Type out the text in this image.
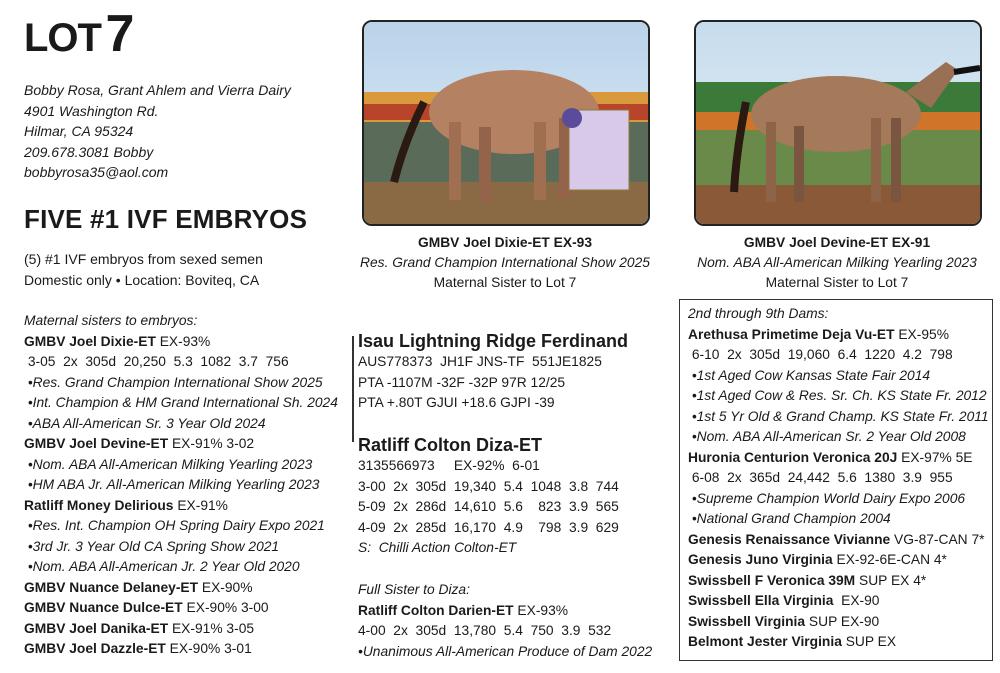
LOT 7
Bobby Rosa, Grant Ahlem and Vierra Dairy
4901 Washington Rd.
Hilmar, CA 95324
209.678.3081 Bobby
bobbyrosa35@aol.com
FIVE #1 IVF EMBRYOS
(5) #1 IVF embryos from sexed semen
Domestic only • Location: Boviteq, CA
Maternal sisters to embryos:
GMBV Joel Dixie-ET EX-93%
3-05  2x  305d  20,250  5.3  1082  3.7  756
•Res. Grand Champion International Show 2025
•Int. Champion & HM Grand International Sh. 2024
•ABA All-American Sr. 3 Year Old 2024
GMBV Joel Devine-ET EX-91% 3-02
•Nom. ABA All-American Milking Yearling 2023
•HM ABA Jr. All-American Milking Yearling 2023
Ratliff Money Delirious EX-91%
•Res. Int. Champion OH Spring Dairy Expo 2021
•3rd Jr. 3 Year Old CA Spring Show 2021
•Nom. ABA All-American Jr. 2 Year Old 2020
GMBV Nuance Delaney-ET EX-90%
GMBV Nuance Dulce-ET EX-90% 3-00
GMBV Joel Danika-ET EX-91% 3-05
GMBV Joel Dazzle-ET EX-90% 3-01
GMBV Joel Dixie-ET EX-93
Res. Grand Champion International Show 2025
Maternal Sister to Lot 7
GMBV Joel Devine-ET EX-91
Nom. ABA All-American Milking Yearling 2023
Maternal Sister to Lot 7
Isau Lightning Ridge Ferdinand
AUS778373  JH1F JNS-TF  551JE1825
PTA -1107M -32F -32P 97R 12/25
PTA +.80T GJUI +18.6 GJPI -39
Ratliff Colton Diza-ET
3135566973     EX-92%  6-01
3-00  2x  305d  19,340  5.4  1048  3.8  744
5-09  2x  286d  14,610  5.6    823  3.9  565
4-09  2x  285d  16,170  4.9    798  3.9  629
S:  Chilli Action Colton-ET
Full Sister to Diza:
Ratliff Colton Darien-ET EX-93%
4-00  2x  305d  13,780  5.4  750  3.9  532
•Unanimous All-American Produce of Dam 2022
2nd through 9th Dams:
Arethusa Primetime Deja Vu-ET EX-95%
6-10  2x  305d  19,060  6.4  1220  4.2  798
•1st Aged Cow Kansas State Fair 2014
•1st Aged Cow & Res. Sr. Ch. KS State Fr. 2012
•1st 5 Yr Old & Grand Champ. KS State Fr. 2011
•Nom. ABA All-American Sr. 2 Year Old 2008
Huronia Centurion Veronica 20J EX-97% 5E
6-08  2x  365d  24,442  5.6  1380  3.9  955
•Supreme Champion World Dairy Expo 2006
•National Grand Champion 2004
Genesis Renaissance Vivianne VG-87-CAN 7*
Genesis Juno Virginia EX-92-6E-CAN 4*
Swissbell F Veronica 39M SUP EX 4*
Swissbell Ella Virginia  EX-90
Swissbell Virginia SUP EX-90
Belmont Jester Virginia SUP EX
